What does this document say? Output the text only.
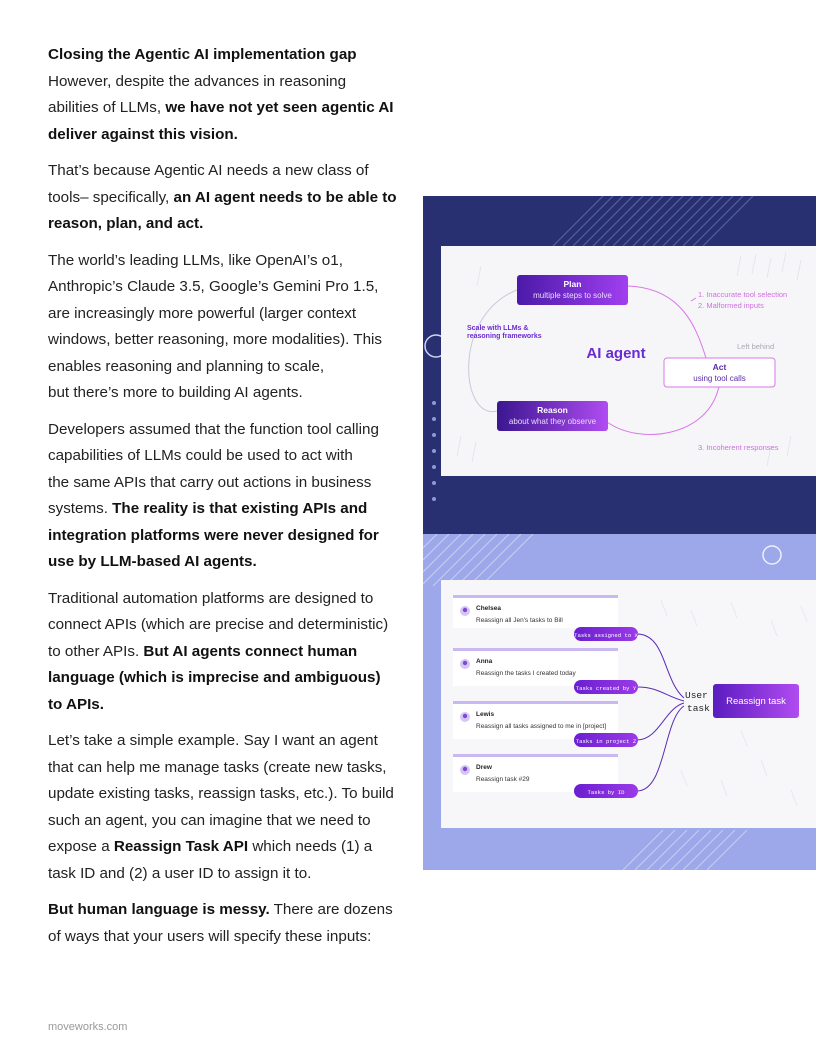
Closing the Agentic AI implementation gap
However, despite the advances in reasoning abilities of LLMs, we have not yet seen agentic AI deliver against this vision.

That’s because Agentic AI needs a new class of tools– specifically, an AI agent needs to be able to reason, plan, and act.

The world’s leading LLMs, like OpenAI’s o1,
Anthropic’s Claude 3.5, Google’s Gemini Pro 1.5,
are increasingly more powerful (larger context windows, better reasoning, more modalities). This enables reasoning and planning to scale,
but there’s more to building AI agents.

Developers assumed that the function tool calling capabilities of LLMs could be used to act with
the same APIs that carry out actions in business systems. The reality is that existing APIs and integration platforms were never designed for use by LLM-based AI agents.

Traditional automation platforms are designed to connect APIs (which are precise and deterministic) to other APIs. But AI agents connect human language (which is imprecise and ambiguous)
to APIs.

Let’s take a simple example. Say I want an agent that can help me manage tasks (create new tasks, update existing tasks, reassign tasks, etc.). To build such an agent, you can imagine that we need to expose a Reassign Task API which needs (1) a task ID and (2) a user ID to assign it to.

But human language is messy. There are dozens of ways that your users will specify these inputs:

moveworks.com
Plan
multiple steps to solve
Reason
about what they observe
Act
using tool calls
AI agent
Scale with LLMs &
reasoning frameworks
1. Inaccurate tool selection
2. Malformed inputs
Left behind
3. Incoherent responses
Chelsea
Reassign all Jen's tasks to Bill
Anna
Reassign the tasks I created today
Lewis
Reassign all tasks assigned to me in [project]
Drew
Reassign task #29
Tasks assigned to X
Tasks created by Y
Tasks in project Z
Tasks by ID
User
task
Reassign task
